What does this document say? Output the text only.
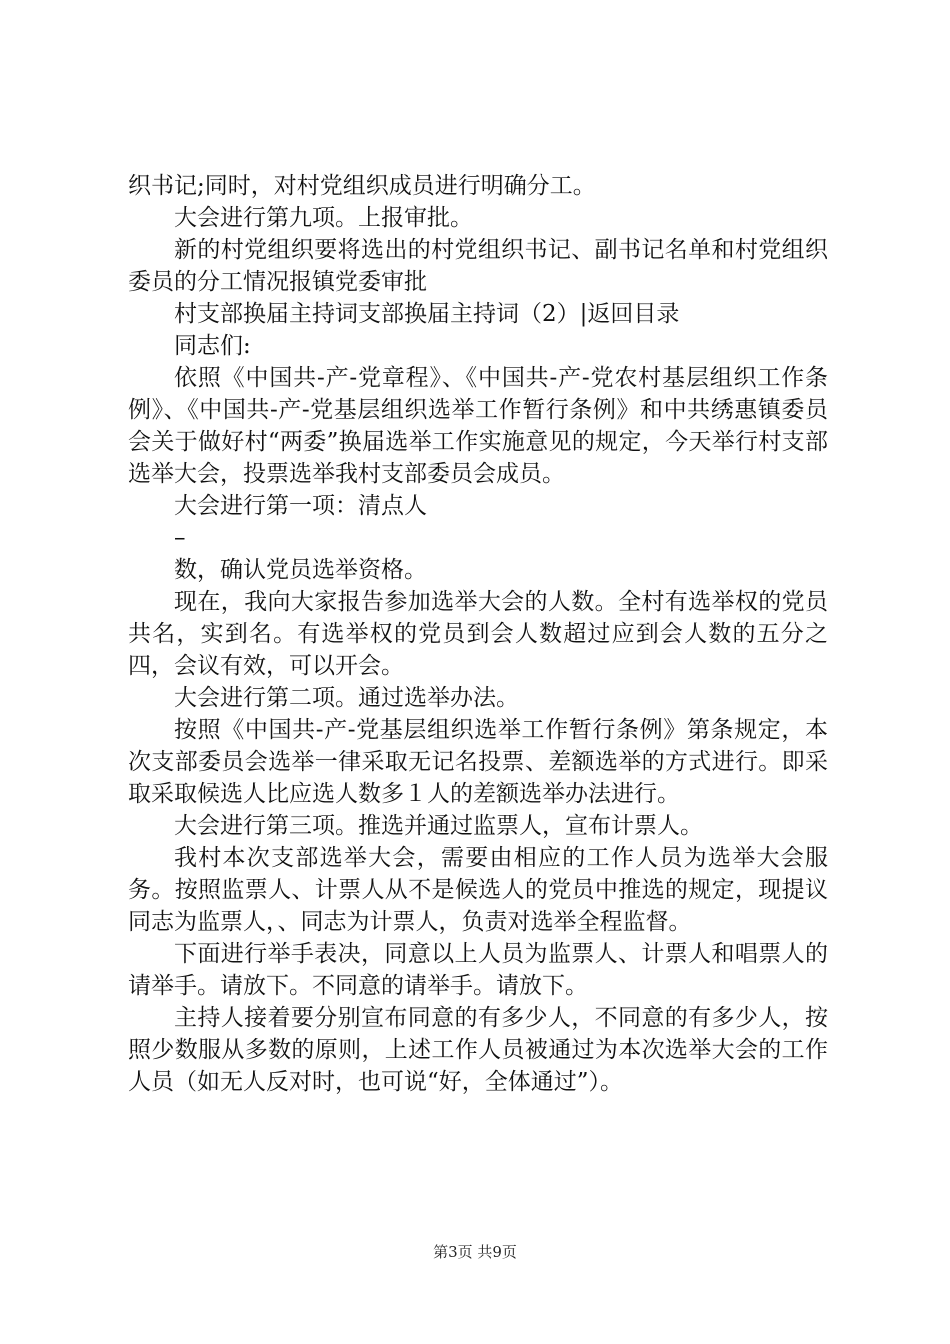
织书记;同时，对村党组织成员进行明确分工。

大会进行第九项。上报审批。

新的村党组织要将选出的村党组织书记、副书记名单和村党组织委员的分工情况报镇党委审批

村支部换届主持词支部换届主持词（2）|返回目录

同志们:

依照《中国共-产-党章程》、《中国共-产-党农村基层组织工作条例》、《中国共-产-党基层组织选举工作暂行条例》和中共绣惠镇委员会关于做好村“两委”换届选举工作实施意见的规定，今天举行村支部选举大会，投票选举我村支部委员会成员。

大会进行第一项：清点人

–

数，确认党员选举资格。

现在，我向大家报告参加选举大会的人数。全村有选举权的党员共名，实到名。有选举权的党员到会人数超过应到会人数的五分之四，会议有效，可以开会。

大会进行第二项。通过选举办法。

按照《中国共-产-党基层组织选举工作暂行条例》第条规定，本次支部委员会选举一律采取无记名投票、差额选举的方式进行。即采取采取候选人比应选人数多１人的差额选举办法进行。

大会进行第三项。推选并通过监票人，宣布计票人。

我村本次支部选举大会，需要由相应的工作人员为选举大会服务。按照监票人、计票人从不是候选人的党员中推选的规定，现提议同志为监票人，、同志为计票人，负责对选举全程监督。

下面进行举手表决，同意以上人员为监票人、计票人和唱票人的请举手。请放下。不同意的请举手。请放下。

主持人接着要分别宣布同意的有多少人，不同意的有多少人，按照少数服从多数的原则，上述工作人员被通过为本次选举大会的工作人员（如无人反对时，也可说“好，全体通过”）。

第3页 共9页
